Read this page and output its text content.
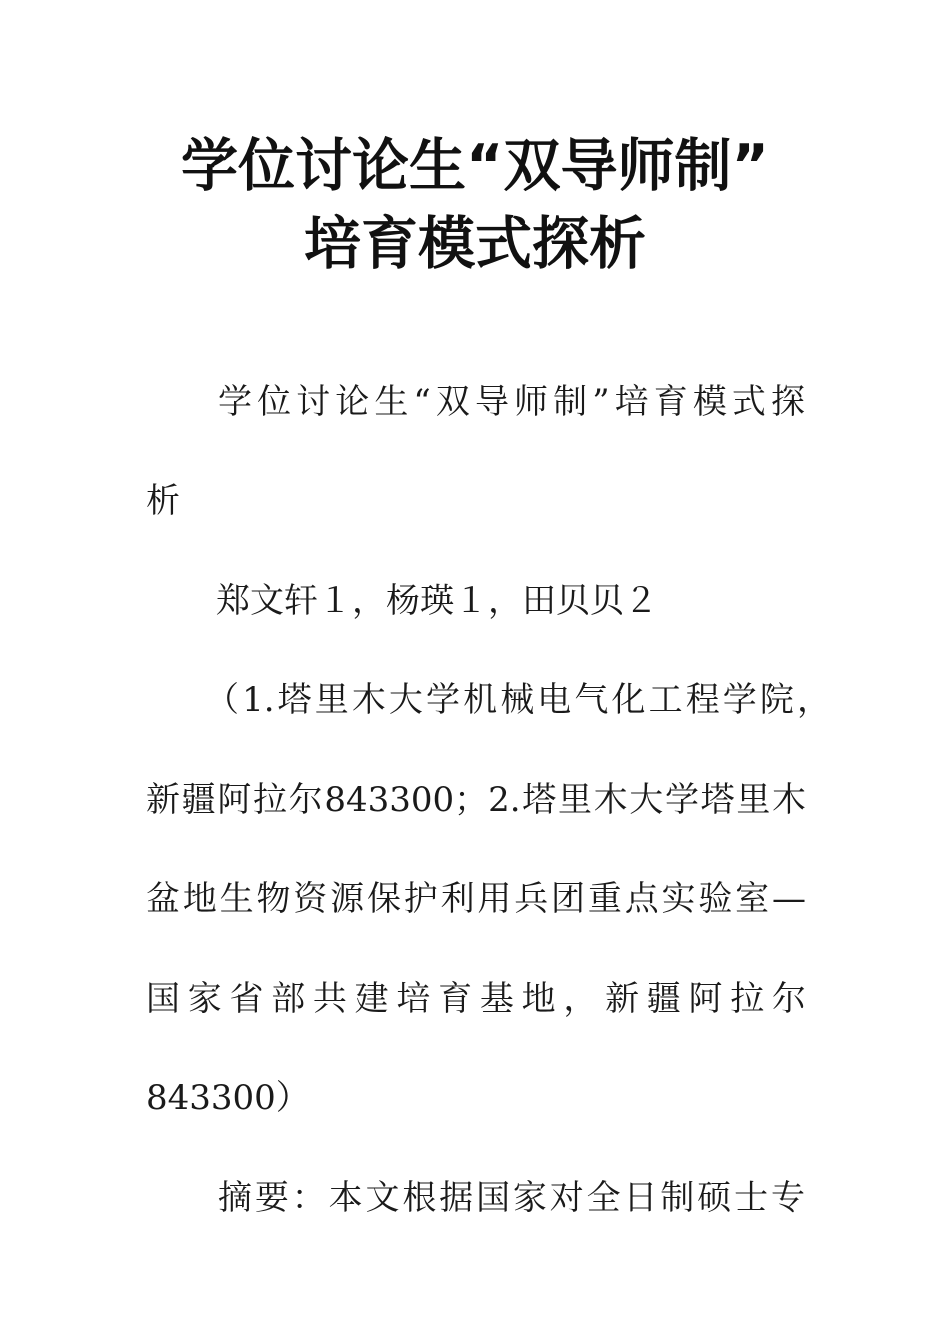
学位讨论生“双导师制”
培育模式探析
学位讨论生“双导师制”培育模式探
析
郑文轩１，杨瑛１，田贝贝２
（1.塔里木大学机械电气化工程学院，
新疆阿拉尔843300；2.塔里木大学塔里木
盆地生物资源保护利用兵团重点实验室—
国家省部共建培育基地，新疆阿拉尔
843300）
摘要：本文根据国家对全日制硕士专
